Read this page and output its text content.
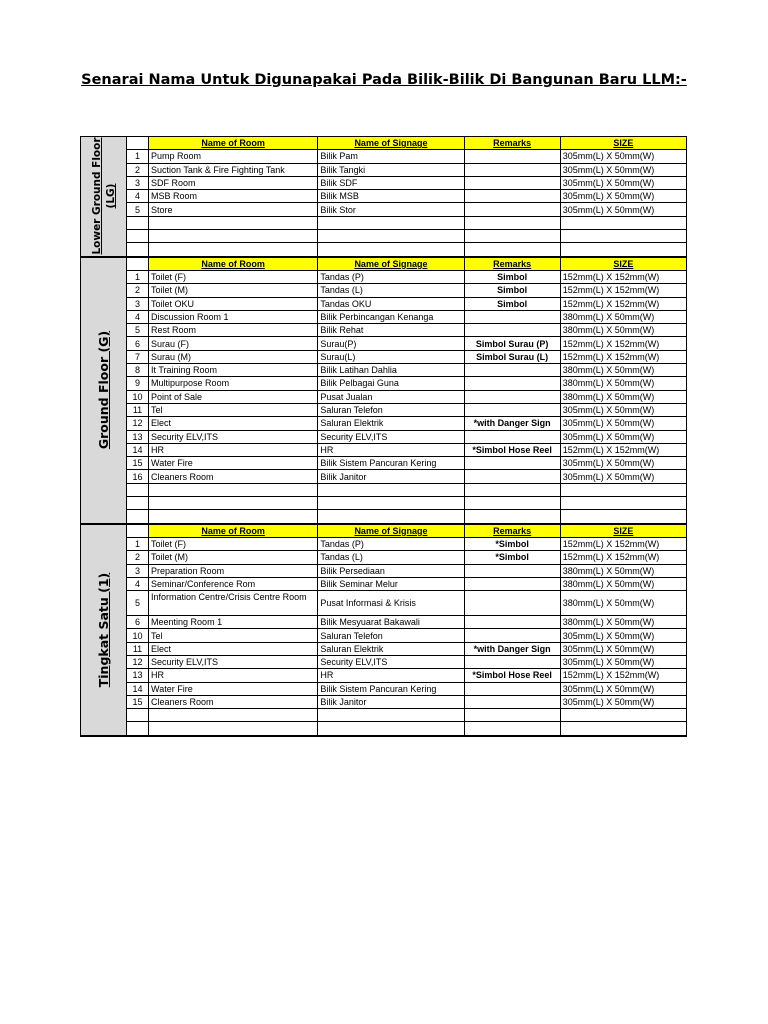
Senarai Nama Untuk Digunapakai Pada Bilik-Bilik Di Bangunan Baru LLM:-
Lower Ground Floor (LG)
	Name of Room	Name of Signage	Remarks	SIZE
1	Pump Room	Bilik Pam		305mm(L) X 50mm(W)
2	Suction Tank & Fire Fighting Tank	Bilik Tangki		305mm(L) X 50mm(W)
3	SDF Room	Bilik SDF		305mm(L) X 50mm(W)
4	MSB Room	Bilik MSB		305mm(L) X 50mm(W)
5	Store	Bilik Stor		305mm(L) X 50mm(W)

Ground Floor (G)
	Name of Room	Name of Signage	Remarks	SIZE
1	Toilet (F)	Tandas (P)	Simbol	152mm(L) X 152mm(W)
2	Toilet (M)	Tandas (L)	Simbol	152mm(L) X 152mm(W)
3	Toilet OKU	Tandas OKU	Simbol	152mm(L) X 152mm(W)
4	Discussion Room 1	Bilik Perbincangan Kenanga		380mm(L) X 50mm(W)
5	Rest Room	Bilik Rehat		380mm(L) X 50mm(W)
6	Surau (F)	Surau(P)	Simbol Surau (P)	152mm(L) X 152mm(W)
7	Surau (M)	Surau(L)	Simbol Surau (L)	152mm(L) X 152mm(W)
8	It Training Room	Bilik Latihan Dahlia		380mm(L) X 50mm(W)
9	Multipurpose Room	Bilik Pelbagai Guna		380mm(L) X 50mm(W)
10	Point of Sale	Pusat Jualan		380mm(L) X 50mm(W)
11	Tel	Saluran Telefon		305mm(L) X 50mm(W)
12	Elect	Saluran Elektrik	*with Danger Sign	305mm(L) X 50mm(W)
13	Security ELV,ITS	Security ELV,ITS		305mm(L) X 50mm(W)
14	HR	HR	*Simbol Hose Reel	152mm(L) X 152mm(W)
15	Water Fire	Bilik Sistem Pancuran Kering		305mm(L) X 50mm(W)
16	Cleaners Room	Bilik Janitor		305mm(L) X 50mm(W)

Tingkat Satu (1)
	Name of Room	Name of Signage	Remarks	SIZE
1	Toilet (F)	Tandas (P)	*Simbol	152mm(L) X 152mm(W)
2	Toilet (M)	Tandas (L)	*Simbol	152mm(L) X 152mm(W)
3	Preparation Room	Bilik Persediaan		380mm(L) X 50mm(W)
4	Seminar/Conference Rom	Bilik Seminar Melur		380mm(L) X 50mm(W)
5	Information Centre/Crisis Centre Room	Pusat Informasi & Krisis		380mm(L) X 50mm(W)
6	Meenting Room 1	Bilik Mesyuarat Bakawali		380mm(L) X 50mm(W)
10	Tel	Saluran Telefon		305mm(L) X 50mm(W)
11	Elect	Saluran Elektrik	*with Danger Sign	305mm(L) X 50mm(W)
12	Security ELV,ITS	Security ELV,ITS		305mm(L) X 50mm(W)
13	HR	HR	*Simbol Hose Reel	152mm(L) X 152mm(W)
14	Water Fire	Bilik Sistem Pancuran Kering		305mm(L) X 50mm(W)
15	Cleaners Room	Bilik Janitor		305mm(L) X 50mm(W)
